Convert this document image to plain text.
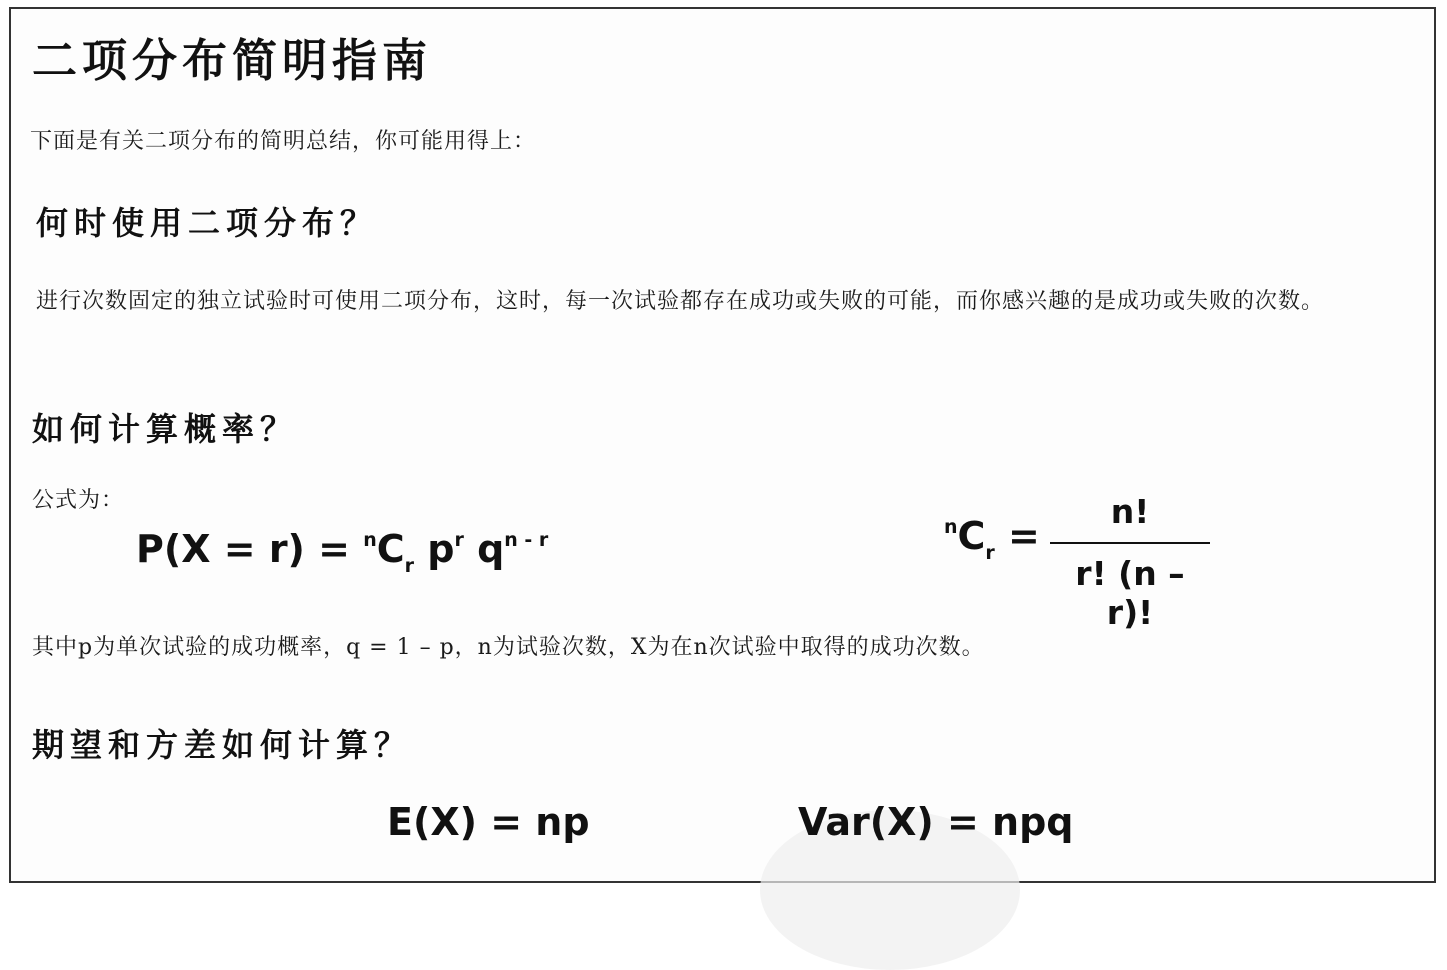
二项分布简明指南

下面是有关二项分布的简明总结，你可能用得上：

何时使用二项分布？

进行次数固定的独立试验时可使用二项分布，这时，每一次试验都存在成功或失败的可能，而你感兴趣的是成功或失败的次数。

如何计算概率？

公式为：

$P(X = r) = ^nC_r$ $p^r$ $q^{n - r}$
$^nC_r$ =
n!
r! (n – r)!

其中p为单次试验的成功概率，q = 1 – p，n为试验次数，X为在n次试验中取得的成功次数。

期望和方差如何计算？
E(X) = np	Var(X) = npq
